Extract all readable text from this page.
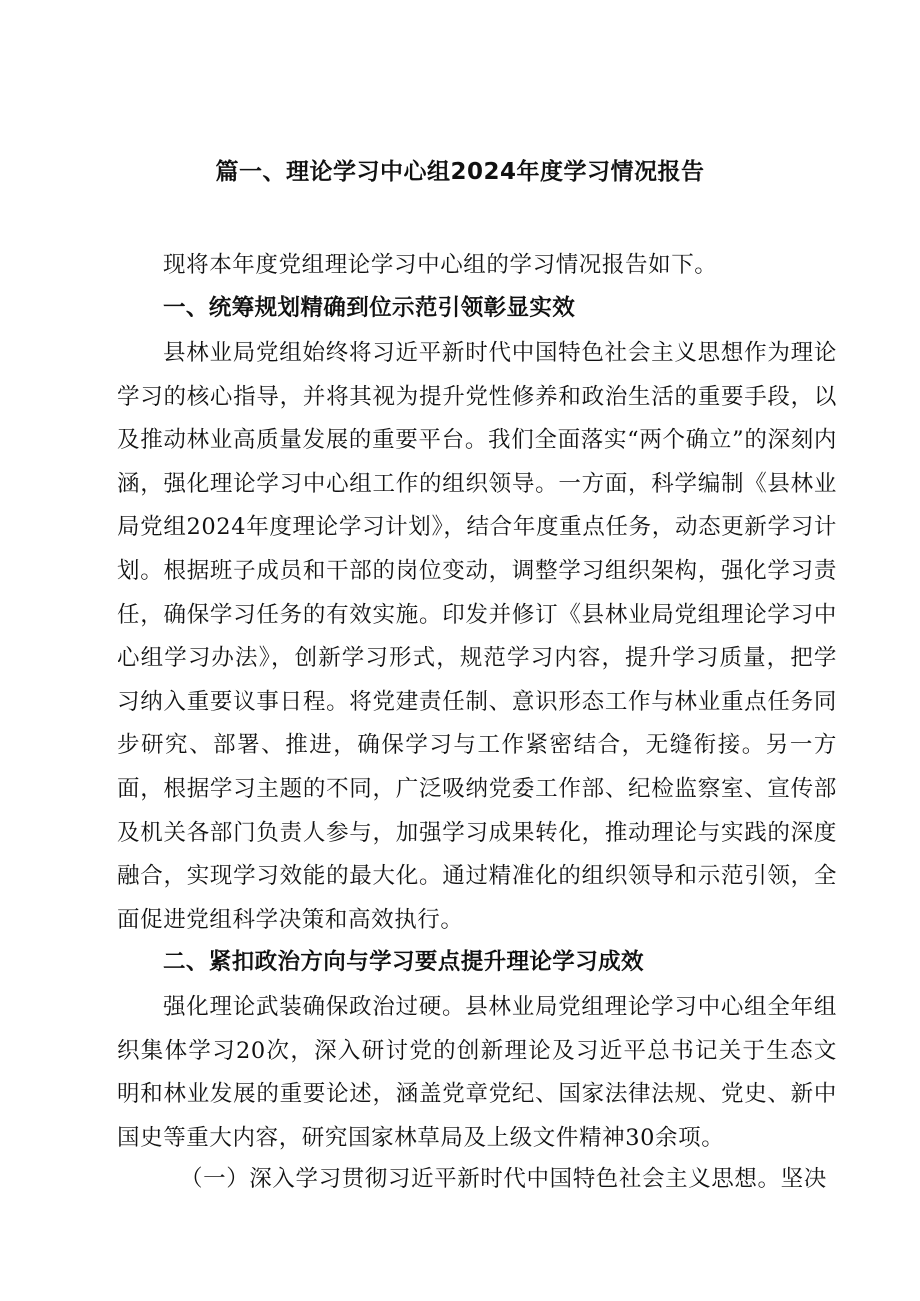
篇一、理论学习中心组2024年度学习情况报告
现将本年度党组理论学习中心组的学习情况报告如下。
一、统筹规划精确到位示范引领彰显实效
县林业局党组始终将习近平新时代中国特色社会主义思想作为理论学习的核心指导，并将其视为提升党性修养和政治生活的重要手段，以及推动林业高质量发展的重要平台。我们全面落实“两个确立”的深刻内涵，强化理论学习中心组工作的组织领导。一方面，科学编制《县林业局党组2024年度理论学习计划》，结合年度重点任务，动态更新学习计划。根据班子成员和干部的岗位变动，调整学习组织架构，强化学习责任，确保学习任务的有效实施。印发并修订《县林业局党组理论学习中心组学习办法》，创新学习形式，规范学习内容，提升学习质量，把学习纳入重要议事日程。将党建责任制、意识形态工作与林业重点任务同步研究、部署、推进，确保学习与工作紧密结合，无缝衔接。另一方面，根据学习主题的不同，广泛吸纳党委工作部、纪检监察室、宣传部及机关各部门负责人参与，加强学习成果转化，推动理论与实践的深度融合，实现学习效能的最大化。通过精准化的组织领导和示范引领，全面促进党组科学决策和高效执行。
二、紧扣政治方向与学习要点提升理论学习成效
强化理论武装确保政治过硬。县林业局党组理论学习中心组全年组织集体学习20次，深入研讨党的创新理论及习近平总书记关于生态文明和林业发展的重要论述，涵盖党章党纪、国家法律法规、党史、新中国史等重大内容，研究国家林草局及上级文件精神30余项。
（一）深入学习贯彻习近平新时代中国特色社会主义思想。坚决
